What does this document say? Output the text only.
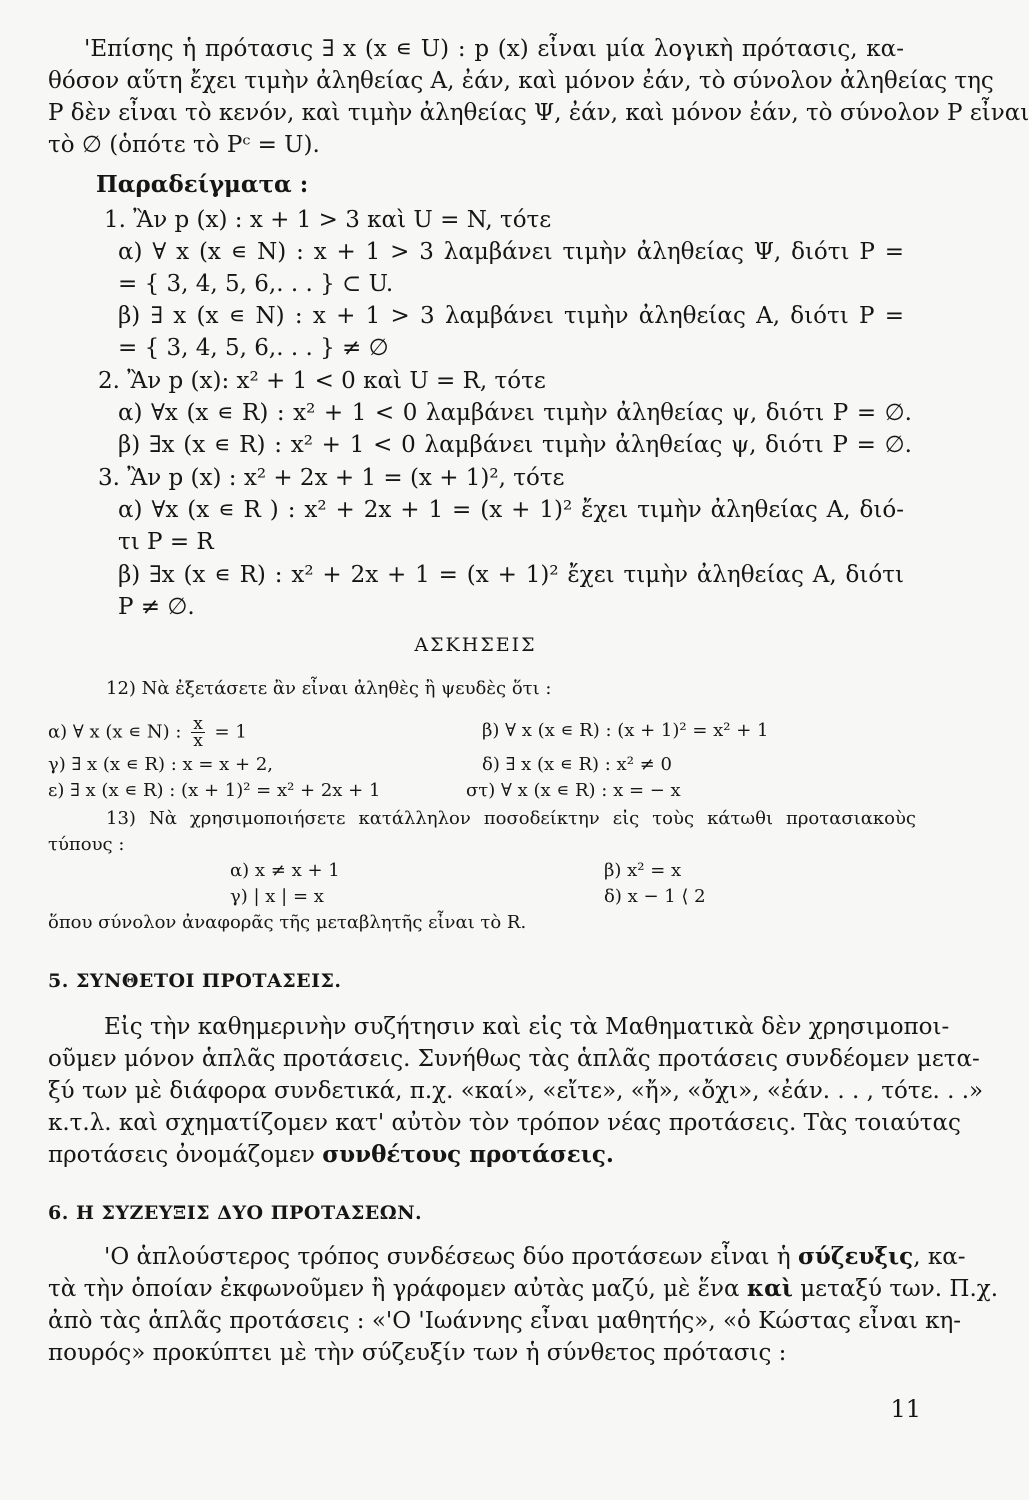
'Επίσης ἡ πρότασις ∃ x (x ∊ U) : p (x) εἶναι μία λογικὴ πρότασις, κα-
θόσον αὕτη ἔχει τιμὴν ἀληθείας Α, ἐάν, καὶ μόνον ἐάν, τὸ σύνολον ἀληθείας της
P δὲν εἶναι τὸ κενόν, καὶ τιμὴν ἀληθείας Ψ, ἐάν, καὶ μόνον ἐάν, τὸ σύνολον P εἶναι
τὸ ∅ (ὁπότε τὸ Pᶜ = U).
Παραδείγματα :
1. Ἂν p (x) : x + 1 > 3 καὶ U = N, τότε
α) ∀ x (x ∊ N) : x + 1 > 3 λαμβάνει τιμὴν ἀληθείας Ψ, διότι P =
= { 3, 4, 5, 6,. . . } ⊂ U.
β) ∃ x (x ∊ N) : x + 1 > 3 λαμβάνει τιμὴν ἀληθείας Α, διότι P =
= { 3, 4, 5, 6,. . . } ≠ ∅
2. Ἂν p (x): x² + 1 < 0 καὶ U = R, τότε
α) ∀x (x ∊ R) : x² + 1 < 0 λαμβάνει τιμὴν ἀληθείας ψ, διότι P = ∅.
β) ∃x (x ∊ R) : x² + 1 < 0 λαμβάνει τιμὴν ἀληθείας ψ, διότι P = ∅.
3. Ἂν p (x) : x² + 2x + 1 = (x + 1)², τότε
α) ∀x (x ∊ R ) : x² + 2x + 1 = (x + 1)² ἔχει τιμὴν ἀληθείας Α, διό-
τι P = R
β) ∃x (x ∊ R) : x² + 2x + 1 = (x + 1)² ἔχει τιμὴν ἀληθείας Α, διότι
P ≠ ∅.
ΑΣΚΗΣΕΙΣ
12) Νὰ ἐξετάσετε ἂν εἶναι ἀληθὲς ἢ ψευδὲς ὅτι :
α) ∀ x (x ∊ N) : $\frac{x}{x} = 1$	β) ∀ x (x ∊ R) : (x + 1)² = x² + 1
γ) ∃ x (x ∊ R) : x = x + 2,	δ) ∃ x (x ∊ R) : x² ≠ 0
ε) ∃ x (x ∊ R) : (x + 1)² = x² + 2x + 1	στ) ∀ x (x ∊ R) : x = − x
13) Νὰ χρησιμοποιήσετε κατάλληλον ποσοδείκτην εἰς τοὺς κάτωθι προτασιακοὺς
τύπους :
α) x ≠ x + 1	β) x² = x
γ) | x | = x	δ) x − 1 ⟨ 2
ὅπου σύνολον ἀναφορᾶς τῆς μεταβλητῆς εἶναι τὸ R.
5. ΣΥΝΘΕΤΟΙ ΠΡΟΤΑΣΕΙΣ.
Εἰς τὴν καθημερινὴν συζήτησιν καὶ εἰς τὰ Μαθηματικὰ δὲν χρησιμοποι-
οῦμεν μόνον ἁπλᾶς προτάσεις. Συνήθως τὰς ἁπλᾶς προτάσεις συνδέομεν μετα-
ξύ των μὲ διάφορα συνδετικά, π.χ. «καί», «εἴτε», «ἤ», «ὄχι», «ἐάν. . . , τότε. . .»
κ.τ.λ. καὶ σχηματίζομεν κατ' αὐτὸν τὸν τρόπον νέας προτάσεις. Τὰς τοιαύτας
προτάσεις ὀνομάζομεν συνθέτους προτάσεις.
6. Η ΣΥΖΕΥΞΙΣ ΔΥΟ ΠΡΟΤΑΣΕΩΝ.
'Ο ἁπλούστερος τρόπος συνδέσεως δύο προτάσεων εἶναι ἡ σύζευξις, κα-
τὰ τὴν ὁποίαν ἐκφωνοῦμεν ἢ γράφομεν αὐτὰς μαζύ, μὲ ἕνα καὶ μεταξύ των. Π.χ.
ἀπὸ τὰς ἁπλᾶς προτάσεις : «'Ο 'Ιωάννης εἶναι μαθητής», «ὁ Κώστας εἶναι κη-
πουρός» προκύπτει μὲ τὴν σύζευξίν των ἡ σύνθετος πρότασις :
11
